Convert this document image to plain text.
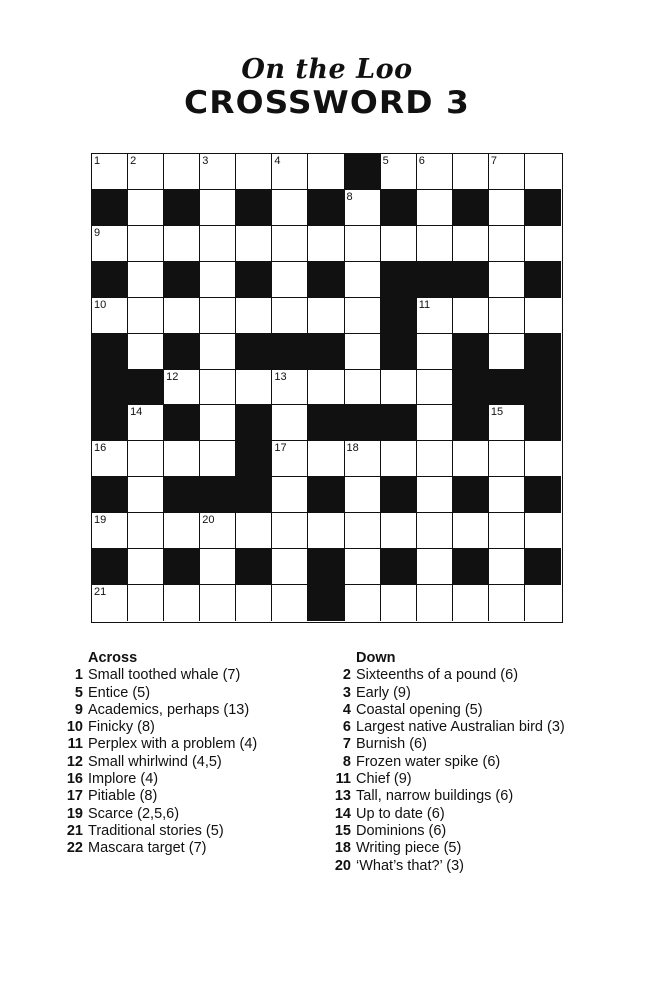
On the Loo
CROSSWORD 3
1	2	3	4	5	6	7
8
9
10	11
12	13
14	15
16	17	18
19	20
21
Across
1 Small toothed whale (7)
5 Entice (5)
9 Academics, perhaps (13)
10 Finicky (8)
11 Perplex with a problem (4)
12 Small whirlwind (4,5)
16 Implore (4)
17 Pitiable (8)
19 Scarce (2,5,6)
21 Traditional stories (5)
22 Mascara target (7)
Down
2 Sixteenths of a pound (6)
3 Early (9)
4 Coastal opening (5)
6 Largest native Australian bird (3)
7 Burnish (6)
8 Frozen water spike (6)
11 Chief (9)
13 Tall, narrow buildings (6)
14 Up to date (6)
15 Dominions (6)
18 Writing piece (5)
20 ‘What’s that?’ (3)
